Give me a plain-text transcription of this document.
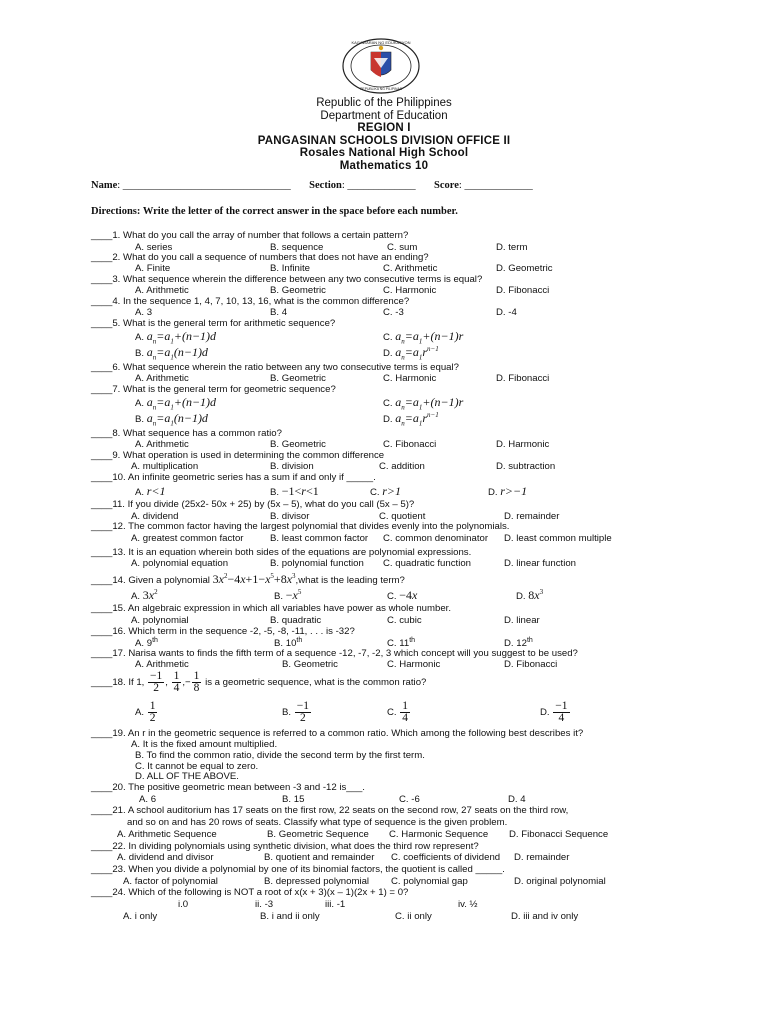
KAGAWARAN NG EDUKASYON
REPUBLIKA NG PILIPINAS
Republic of the Philippines
Department of Education
REGION I
PANGASINAN SCHOOLS DIVISION OFFICE II
Rosales National High School
Mathematics 10
Name: ________________________________ Section: _____________ Score: _____________
Directions: Write the letter of the correct answer in the space before each number.
____1. What do you call the array of number that follows a certain pattern?
A. series	B. sequence	C. sum	D. term
____2. What do you call a sequence of numbers that does not have an ending?
A. Finite	B. Infinite	C. Arithmetic	D. Geometric
____3. What sequence wherein the difference between any two consecutive terms is equal?
A. Arithmetic	B. Geometric	C. Harmonic	D. Fibonacci
____4. In the sequence 1, 4, 7, 10, 13, 16, what is the common difference?
A. 3	B. 4	C. -3	D. -4
____5. What is the general term for arithmetic sequence?
A. $a_n=a_1+(n-1)d$	C. $a_n=a_1+(n-1)r$
B. $a_n=a_1(n-1)d$	D. $a_n=a_1r^{n-1}$
____6. What sequence wherein the ratio between any two consecutive terms is equal?
A. Arithmetic	B. Geometric	C. Harmonic	D. Fibonacci
____7. What is the general term for geometric sequence?
A. $a_n=a_1+(n-1)d$	C. $a_n=a_1+(n-1)r$
B. $a_n=a_1(n-1)d$	D. $a_n=a_1r^{n-1}$
____8. What sequence has a common ratio?
A. Arithmetic	B. Geometric	C. Fibonacci	D. Harmonic
____9. What operation is used in determining the common difference
A. multiplication	B. division	C. addition	D. subtraction
____10. An infinite geometric series has a sum if and only if _____.
A. r<1	B. −1<r<1	C. r>1	D. r>−1
____11. If you divide (25x2- 50x + 25) by (5x – 5), what do you call (5x – 5)?
A. dividend	B. divisor	C. quotient	D. remainder
____12. The common factor having the largest polynomial that divides evenly into the polynomials.
A. greatest common factor	B. least common factor C. common denominator D. least common multiple
____13. It is an equation wherein both sides of the equations are polynomial expressions.
A. polynomial equation	B. polynomial function C. quadratic function	D. linear function
____14. Given a polynomial $3x^2-4x+1-x^5+8x^3,what$ is the leading term?
A. $3x^2$	B. $-x^5$	C. −4x	D. $8x^3$
____15. An algebraic expression in which all variables have power as whole number.
A. polynomial	B. quadratic	C. cubic	D. linear
____16. Which term in the sequence -2, -5, -8, -11, . . . is -32?
A. 9th	B. 10th	C. 11th	D. 12th
____17. Narisa wants to finds the fifth term of a sequence -12, -7, -2, 3 which concept will you suggest to be used?
A. Arithmetic	B. Geometric	C. Harmonic	D. Fibonacci
____18. If 1, $\frac{-1}{2}$ , $\frac{1}{4}$ ,− $\frac{1}{8}$ is a geometric sequence, what is the common ratio?
A. $\frac{1}{2}$	B. $\frac{-1}{2}$	C. $\frac{1}{4}$	D. $\frac{-1}{4}$
____19. An r in the geometric sequence is referred to a common ratio. Which among the following best describes it?
A. It is the fixed amount multiplied.
B. To find the common ratio, divide the second term by the first term.
C. It cannot be equal to zero.
D. ALL OF THE ABOVE.
____20. The positive geometric mean between -3 and -12 is___.
A. 6	B. 15	C. -6	D. 4
____21. A school auditorium has 17 seats on the first row, 22 seats on the second row, 27 seats on the third row,
and so on and has 20 rows of seats. Classify what type of sequence is the given problem.
A. Arithmetic Sequence	B. Geometric Sequence C. Harmonic Sequence D. Fibonacci Sequence
____22. In dividing polynomials using synthetic division, what does the third row represent?
A. dividend and divisor	B. quotient and remainder C. coefficients of dividend D. remainder
____23. When you divide a polynomial by one of its binomial factors, the quotient is called _____.
A. factor of polynomial	B. depressed polynomial C. polynomial gap	D. original polynomial
____24. Which of the following is NOT a root of x(x + 3)(x – 1)(2x + 1) = 0?
i.0	ii. -3	iii. -1	iv. ½
A. i only	B. i and ii only	C. ii only	D. iii and iv only
